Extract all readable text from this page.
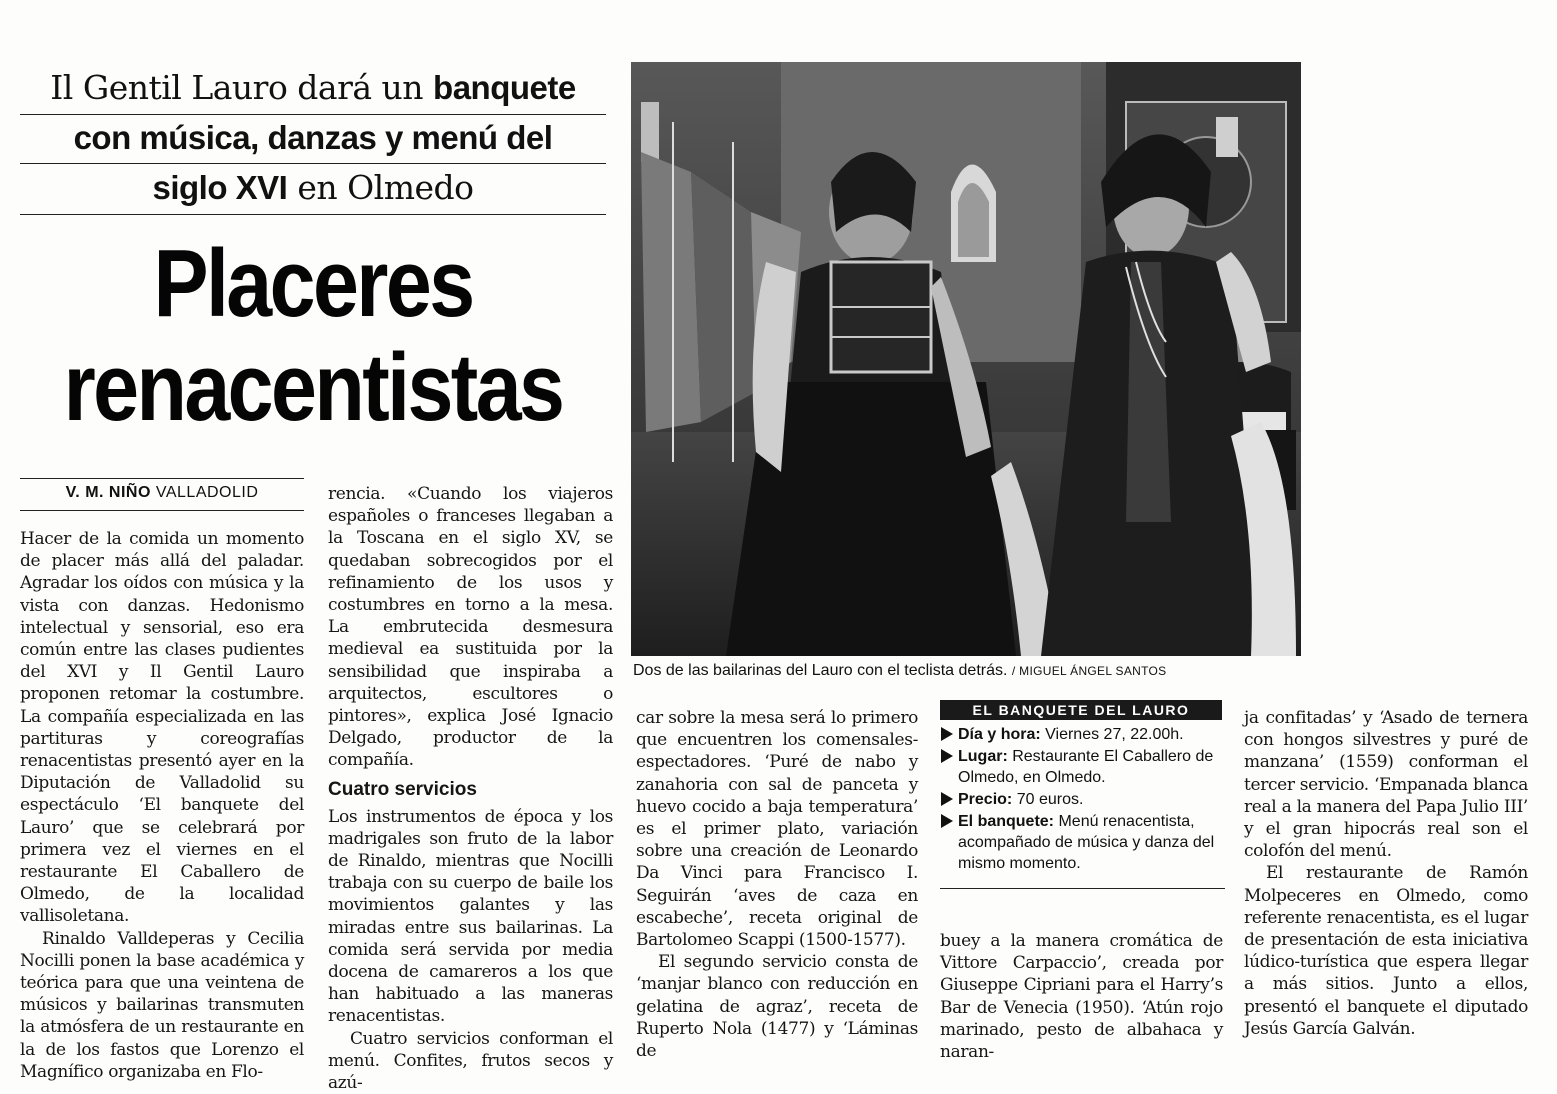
Il Gentil Lauro dará un banquete
con música, danzas y menú del
siglo XVI en Olmedo
Placeres
renacentistas
V. M. NIÑO VALLADOLID

Hacer de la comida un momento de placer más allá del paladar. Agradar los oídos con música y la vista con danzas. Hedonismo intelectual y sensorial, eso era común entre las clases pudientes del XVI y Il Gentil Lauro proponen retomar la costumbre. La compañía especializada en las partituras y coreografías renacentistas presentó ayer en la Diputación de Valladolid su espectáculo ‘El banquete del Lauro’ que se celebrará por primera vez el viernes en el restaurante El Caballero de Olmedo, de la localidad vallisoletana.

Rinaldo Valldeperas y Cecilia Nocilli ponen la base académica y teórica para que una veintena de músicos y bailarinas transmuten la atmósfera de un restaurante en la de los fastos que Lorenzo el Magnífico organizaba en Flo-

rencia. «Cuando los viajeros españoles o franceses llegaban a la Toscana en el siglo XV, se quedaban sobrecogidos por el refinamiento de los usos y costumbres en torno a la mesa. La embrutecida desmesura medieval ea sustituida por la sensibilidad que inspiraba a arquitectos, escultores o pintores», explica José Ignacio Delgado, productor de la compañía.

Cuatro servicios

Los instrumentos de época y los madrigales son fruto de la labor de Rinaldo, mientras que Nocilli trabaja con su cuerpo de baile los movimientos galantes y las miradas entre sus bailarinas. La comida será servida por media docena de camareros a los que han habituado a las maneras renacentistas.

Cuatro servicios conforman el menú. Confites, frutos secos y azú-

Dos de las bailarinas del Lauro con el teclista detrás. / MIGUEL ÁNGEL SANTOS

car sobre la mesa será lo primero que encuentren los comensales-espectadores. ‘Puré de nabo y zanahoria con sal de panceta y huevo cocido a baja temperatura’ es el primer plato, variación sobre una creación de Leonardo Da Vinci para Francisco I. Seguirán ‘aves de caza en escabeche’, receta original de Bartolomeo Scappi (1500-1577).

El segundo servicio consta de ‘manjar blanco con reducción en gelatina de agraz’, receta de Ruperto Nola (1477) y ‘Láminas de

EL BANQUETE DEL LAURO
Día y hora: Viernes 27, 22.00h.
Lugar: Restaurante El Caballero de Olmedo, en Olmedo.
Precio: 70 euros.
El banquete: Menú renacentista, acompañado de música y danza del mismo momento.

buey a la manera cromática de Vittore Carpaccio’, creada por Giuseppe Cipriani para el Harry’s Bar de Venecia (1950). ‘Atún rojo marinado, pesto de albahaca y naran-

ja confitadas’ y ‘Asado de ternera con hongos silvestres y puré de manzana’ (1559) conforman el tercer servicio. ‘Empanada blanca real a la manera del Papa Julio III’ y el gran hipocrás real son el colofón del menú.

El restaurante de Ramón Molpeceres en Olmedo, como referente renacentista, es el lugar de presentación de esta iniciativa lúdico-turística que espera llegar a más sitios. Junto a ellos, presentó el banquete el diputado Jesús García Galván.
